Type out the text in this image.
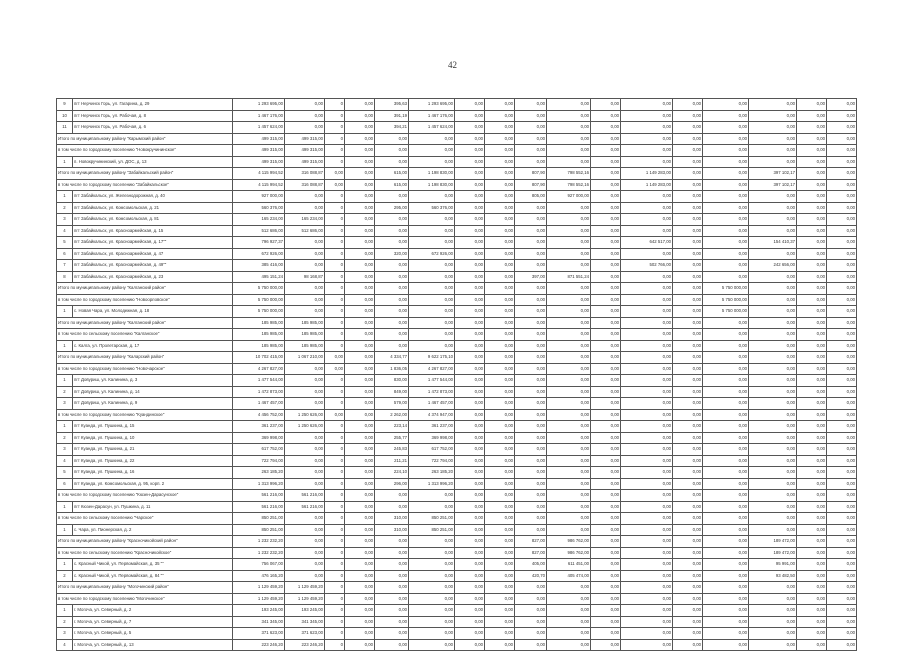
42
9	пгт Нерчинск Горь, ул. Гагарина, д. 29	1 293 695,00	0,00	0	0,00	395,63	1 293 695,00	0,00	0,00	0,00	0,00	0,00	0,00	0,00	0,00	0,00	0,00	0,00
10	пгт Нерчинск Горь, ул. Рабочая, д. 8	1 467 176,00	0,00	0	0,00	391,19	1 467 176,00	0,00	0,00	0,00	0,00	0,00	0,00	0,00	0,00	0,00	0,00	0,00
11	пгт Нерчинск Горь, ул. Рабочая, д. 6	1 457 624,00	0,00	0	0,00	394,21	1 457 624,00	0,00	0,00	0,00	0,00	0,00	0,00	0,00	0,00	0,00	0,00	0,00
Итого по муниципальному району "Карымский район"		499 315,00	499 315,00	0	0,00	0,00	0,00	0,00	0,00	0,00	0,00	0,00	0,00	0,00	0,00	0,00	0,00	0,00
в том числе по городскому поселению "Новокручининское"		499 315,00	499 315,00	0	0,00	0,00	0,00	0,00	0,00	0,00	0,00	0,00	0,00	0,00	0,00	0,00	0,00	0,00
1	п. Новокручининский, ул. ДОС, д. 13	499 315,00	499 315,00	0	0,00	0,00	0,00	0,00	0,00	0,00	0,00	0,00	0,00	0,00	0,00	0,00	0,00	0,00
Итого по муниципальному району "Забайкальский район"		4 115 994,52	316 088,87	0,00	0,00	615,00	1 198 830,00	0,00	0,00	807,90	798 552,16	0,00	1 149 283,00	0,00	0,00	397 102,17	0,00	0,00
в том числе по городскому поселению "Забайкальское"		4 115 994,52	316 088,87	0,00	0,00	615,00	1 198 830,00	0,00	0,00	807,90	798 552,16	0,00	1 149 283,00	0,00	0,00	397 102,17	0,00	0,00
1	пгт Забайкальск, ул. Железнодорожная, д. 40	927 000,00	0,00	0	0,00	0,00	0,00	0,00	0,00	805,00	927 000,00	0,00	0,00	0,00	0,00	0,00	0,00	0,00
2	пгт Забайкальск, ул. Комсомольская, д. 21	560 376,00	0,00	0	0,00	295,00	560 376,00	0,00	0,00	0,00	0,00	0,00	0,00	0,00	0,00	0,00	0,00	0,00
3	пгт Забайкальск, ул. Комсомольская, д. 81	165 234,00	165 234,00	0	0,00	0,00	0,00	0,00	0,00	0,00	0,00	0,00	0,00	0,00	0,00	0,00	0,00	0,00
4	пгт Забайкальск, ул. Красноармейская, д. 15	512 686,00	512 686,00	0	0,00	0,00	0,00	0,00	0,00	0,00	0,00	0,00	0,00	0,00	0,00	0,00	0,00	0,00
5	пгт Забайкальск, ул. Красноармейская, д. 17""	796 927,37	0,00	0	0,00	0,00	0,00	0,00	0,00	0,00	0,00	0,00	642 517,00	0,00	0,00	154 410,37	0,00	0,00
6	пгт Забайкальск, ул. Красноармейская, д. 47	672 926,00	0,00	0	0,00	320,00	672 926,00	0,00	0,00	0,00	0,00	0,00	0,00	0,00	0,00	0,00	0,00	0,00
7	пгт Забайкальск, ул. Красноармейская, д. 49""	385 416,00	0,00	0	0,00	0,00	0,00	0,00	0,00	0,00	0,00	0,00	502 766,00	0,00	0,00	242 656,00	0,00	0,00
8	пгт Забайкальск, ул. Красноармейская, д. 23	495 151,24	98 168,87	0	0,00	0,00	0,00	0,00	0,00	397,00	871 551,24	0,00	0,00	0,00	0,00	0,00	0,00	0,00
Итого по муниципальному району "Калганский район"		5 750 000,00	0,00	0	0,00	0,00	0,00	0,00	0,00	0,00	0,00	0,00	0,00	0,00	5 750 000,00	0,00	0,00	0,00
в том числе по городскому поселению "Новоорловское"		5 750 000,00	0,00	0	0,00	0,00	0,00	0,00	0,00	0,00	0,00	0,00	0,00	0,00	5 750 000,00	0,00	0,00	0,00
1	с. Новая Чара, ул. Молодежная, д. 18	5 750 000,00	0,00	0	0,00	0,00	0,00	0,00	0,00	0,00	0,00	0,00	0,00	0,00	5 750 000,00	0,00	0,00	0,00
Итого по муниципальному району "Калганский район"		185 985,00	185 985,00	0	0,00	0,00	0,00	0,00	0,00	0,00	0,00	0,00	0,00	0,00	0,00	0,00	0,00	0,00
в том числе по сельскому поселению "Калганское"		185 985,00	185 985,00	0	0,00	0,00	0,00	0,00	0,00	0,00	0,00	0,00	0,00	0,00	0,00	0,00	0,00	0,00
1	с. Калга, ул. Пролетарская, д. 17	185 985,00	185 985,00	0	0,00	0,00	0,00	0,00	0,00	0,00	0,00	0,00	0,00	0,00	0,00	0,00	0,00	0,00
Итого по муниципальному району "Каларский район"		10 702 415,00	1 067 210,00	0,00	0,00	4 334,77	9 622 175,10	0,00	0,00	0,00	0,00	0,00	0,00	0,00	0,00	0,00	0,00	0,00
в том числе по городскому поселению "Новочарское"		4 267 827,00	0,00	0,00	0,00	1 836,05	4 267 827,00	0,00	0,00	0,00	0,00	0,00	0,00	0,00	0,00	0,00	0,00	0,00
1	пгт Довуриш, ул. Калинина, д. 3	1 477 544,00	0,00	0	0,00	830,00	1 477 544,00	0,00	0,00	0,00	0,00	0,00	0,00	0,00	0,00	0,00	0,00	0,00
2	пгт Довуриш, ул. Калинина, д. 14	1 472 873,00	0,00	0	0,00	849,00	1 472 873,00	0,00	0,00	0,00	0,00	0,00	0,00	0,00	0,00	0,00	0,00	0,00
3	пгт Довуриш, ул. Калинина, д. 9	1 467 457,00	0,00	0	0,00	579,00	1 467 457,00	0,00	0,00	0,00	0,00	0,00	0,00	0,00	0,00	0,00	0,00	0,00
в том числе по городскому поселению "Куандинское"		4 456 752,00	1 250 626,00	0,00	0,00	2 262,00	4 374 947,00	0,00	0,00	0,00	0,00	0,00	0,00	0,00	0,00	0,00	0,00	0,00
1	пгт Куанда, ул. Пушкина, д. 15	361 237,00	1 250 626,00	0	0,00	223,14	361 237,00	0,00	0,00	0,00	0,00	0,00	0,00	0,00	0,00	0,00	0,00	0,00
2	пгт Куанда, ул. Пушкина, д. 10	369 998,00	0,00	0	0,00	255,77	369 998,00	0,00	0,00	0,00	0,00	0,00	0,00	0,00	0,00	0,00	0,00	0,00
3	пгт Куанда, ул. Пушкина, д. 21	617 752,00	0,00	0	0,00	245,83	617 752,00	0,00	0,00	0,00	0,00	0,00	0,00	0,00	0,00	0,00	0,00	0,00
4	пгт Куанда, ул. Пушкина, д. 22	722 794,00	0,00	0	0,00	211,21	722 794,00	0,00	0,00	0,00	0,00	0,00	0,00	0,00	0,00	0,00	0,00	0,00
5	пгт Куанда, ул. Пушкина, д. 16	263 185,20	0,00	0	0,00	224,10	263 185,20	0,00	0,00	0,00	0,00	0,00	0,00	0,00	0,00	0,00	0,00	0,00
6	пгт Куанда, ул. Комсомольская, д. 95, корп. 2	1 313 996,20	0,00	0	0,00	296,00	1 313 996,20	0,00	0,00	0,00	0,00	0,00	0,00	0,00	0,00	0,00	0,00	0,00
в том числе по городскому поселению "Кюзен-Дарасунское"		561 216,00	561 216,00	0	0,00	0,00	0,00	0,00	0,00	0,00	0,00	0,00	0,00	0,00	0,00	0,00	0,00	0,00
1	пгт Кюзен-Дарасун, ул. Пушкина, д. 11	561 216,00	561 216,00	0	0,00	0,00	0,00	0,00	0,00	0,00	0,00	0,00	0,00	0,00	0,00	0,00	0,00	0,00
в том числе по сельскому поселению "Чарское"		850 251,00	0,00	0	0,00	310,00	850 251,00	0,00	0,00	0,00	0,00	0,00	0,00	0,00	0,00	0,00	0,00	0,00
1	с. Чара, ул. Пионерская, д. 2	850 251,00	0,00	0	0,00	310,00	850 251,00	0,00	0,00	0,00	0,00	0,00	0,00	0,00	0,00	0,00	0,00	0,00
Итого по муниципальному району "Красночикойский район"		1 232 232,20	0,00	0	0,00	0,00	0,00	0,00	0,00	827,00	986 762,00	0,00	0,00	0,00	0,00	189 472,00	0,00	0,00
в том числе по сельскому поселению "Красночикойское"		1 232 232,20	0,00	0	0,00	0,00	0,00	0,00	0,00	827,00	986 762,00	0,00	0,00	0,00	0,00	189 472,00	0,00	0,00
1	с. Красный Чикой, ул. Первомайская, д. 35 ""	756 067,00	0,00	0	0,00	0,00	0,00	0,00	0,00	405,00	611 451,00	0,00	0,00	0,00	0,00	95 991,00	0,00	0,00
2	с. Красный Чикой, ул. Первомайская, д. 84 ""	476 165,20	0,00	0	0,00	0,00	0,00	0,00	0,00	420,70	405 474,00	0,00	0,00	0,00	0,00	93 482,50	0,00	0,00
Итого по муниципальному району "Могочинский район"		1 129 459,20	1 129 459,20	0	0,00	0,00	0,00	0,00	0,00	0,00	0,00	0,00	0,00	0,00	0,00	0,00	0,00	0,00
в том числе по городскому поселению "Могочинское"		1 129 459,20	1 129 459,20	0	0,00	0,00	0,00	0,00	0,00	0,00	0,00	0,00	0,00	0,00	0,00	0,00	0,00	0,00
1	г. Могоча, ул. Северный, д. 2	193 245,00	193 245,00	0	0,00	0,00	0,00	0,00	0,00	0,00	0,00	0,00	0,00	0,00	0,00	0,00	0,00	0,00
2	г. Могоча, ул. Северный, д. 7	341 345,00	341 345,00	0	0,00	0,00	0,00	0,00	0,00	0,00	0,00	0,00	0,00	0,00	0,00	0,00	0,00	0,00
3	г. Могоча, ул. Северный, д. 5	371 623,00	371 623,00	0	0,00	0,00	0,00	0,00	0,00	0,00	0,00	0,00	0,00	0,00	0,00	0,00	0,00	0,00
4	г. Могоча, ул. Северный, д. 13	223 246,20	223 246,20	0	0,00	0,00	0,00	0,00	0,00	0,00	0,00	0,00	0,00	0,00	0,00	0,00	0,00	0,00
